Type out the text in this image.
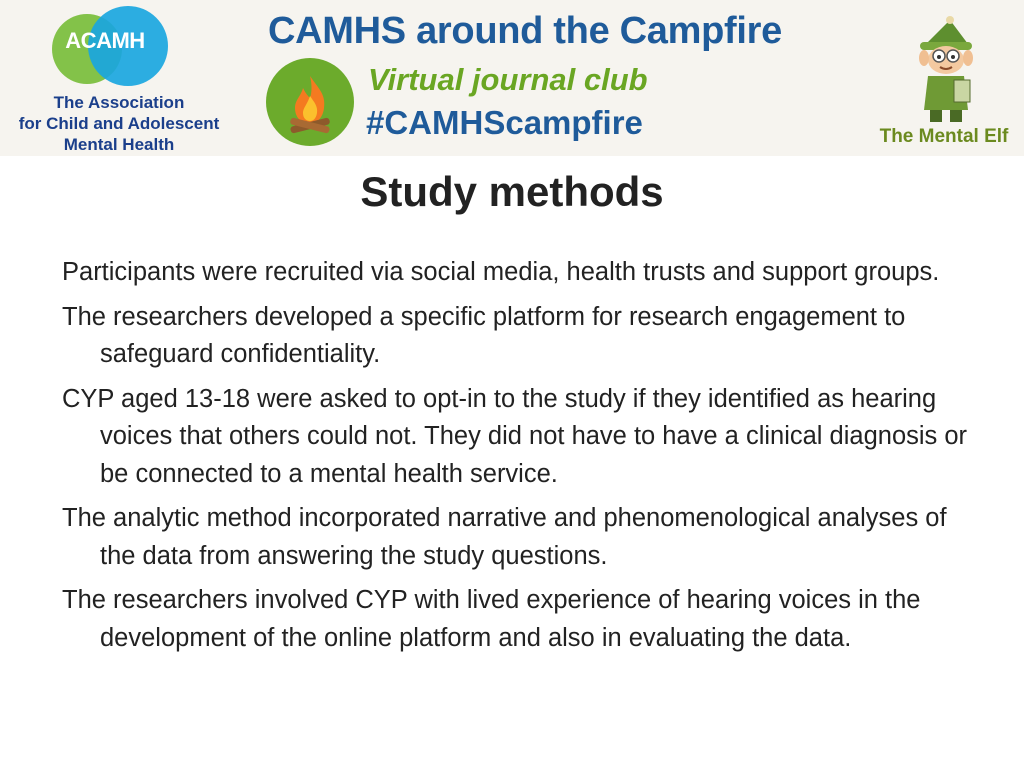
ACAMH
The Association
for Child and Adolescent
Mental Health
CAMHS around the Campfire
Virtual journal club
#CAMHScampfire	The Mental Elf
Study methods
Participants were recruited via social media, health trusts and support groups.
The researchers developed a specific platform for research engagement to safeguard confidentiality.
CYP aged 13-18 were asked to opt-in to the study if they identified as hearing voices that others could not. They did not have to have a clinical diagnosis or be connected to a mental health service.
The analytic method incorporated narrative and phenomenological analyses of the data from answering the study questions.
The researchers involved CYP with lived experience of hearing voices in the development of the online platform and also in evaluating the data.
